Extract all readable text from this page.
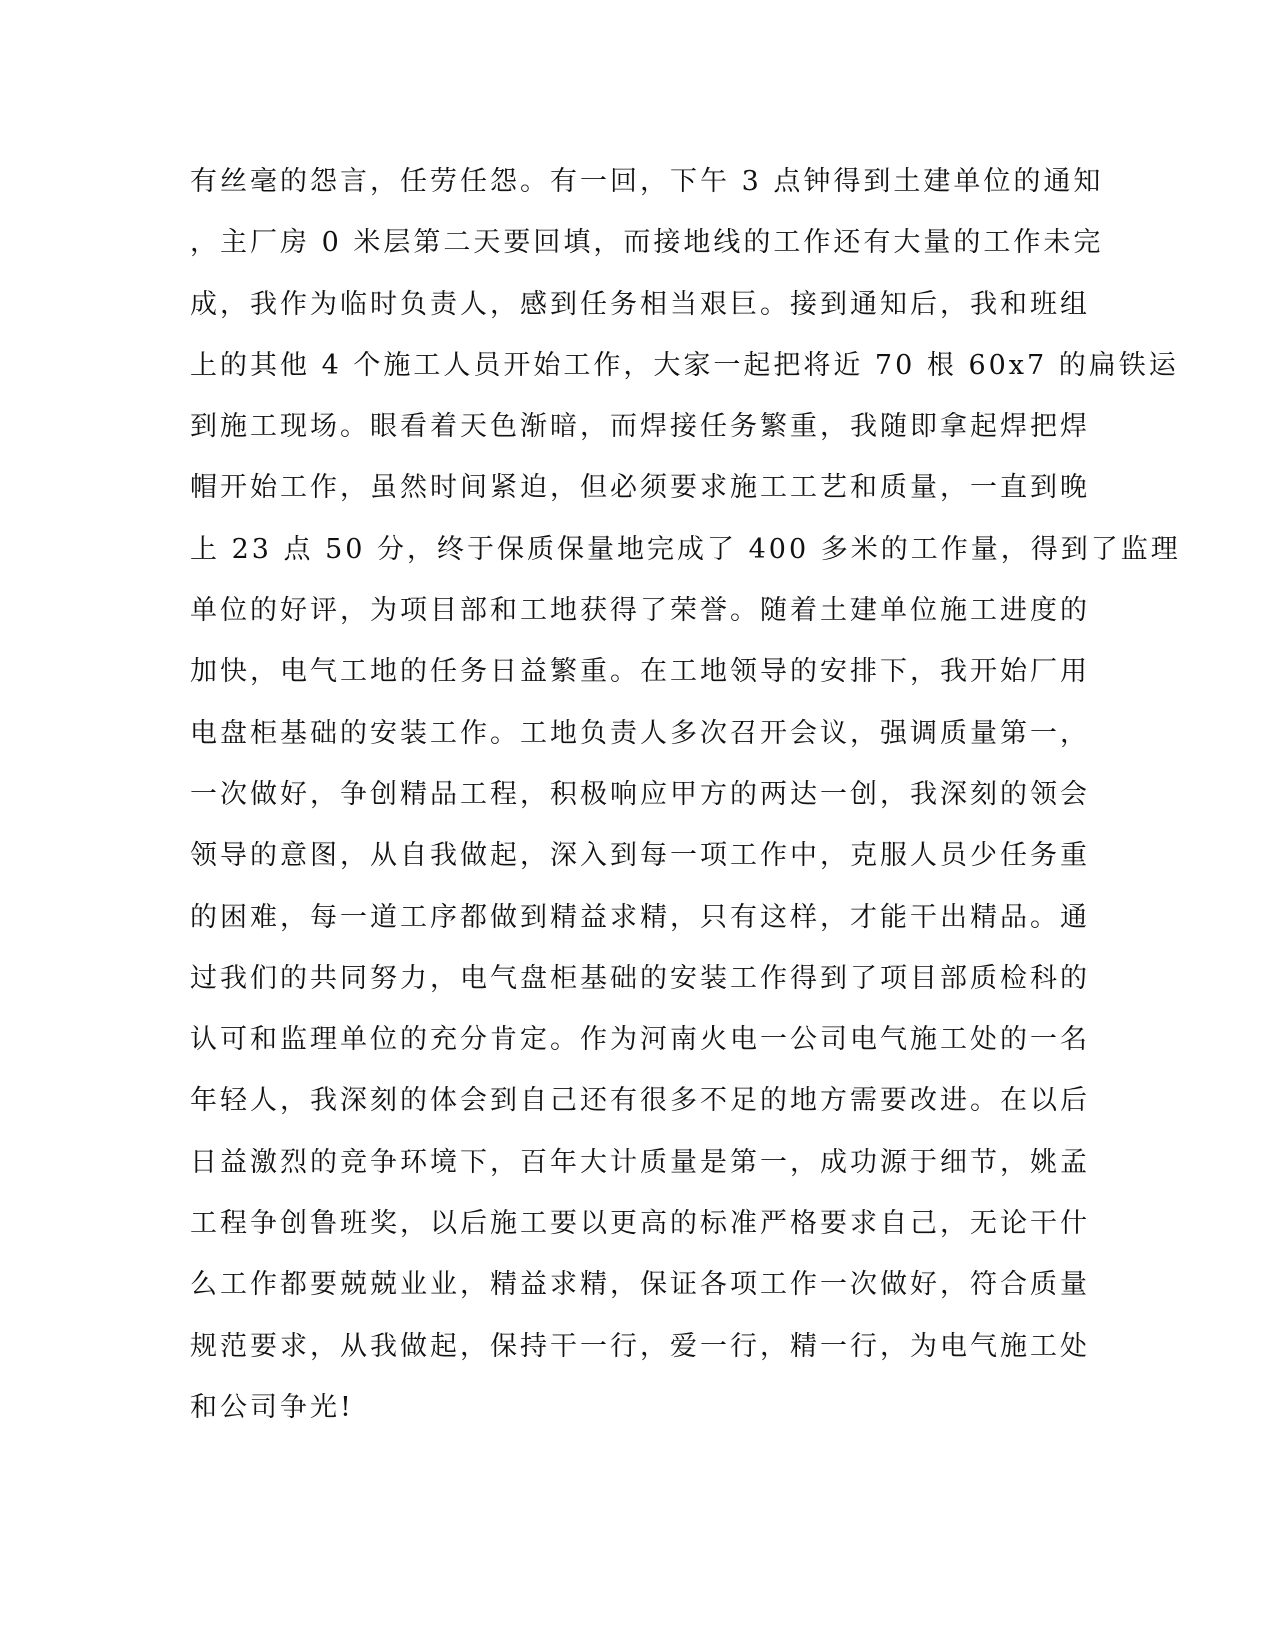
有丝毫的怨言，任劳任怨。有一回，下午 3 点钟得到土建单位的通知
，主厂房 0 米层第二天要回填，而接地线的工作还有大量的工作未完
成，我作为临时负责人，感到任务相当艰巨。接到通知后，我和班组
上的其他 4 个施工人员开始工作，大家一起把将近 70 根 60x7 的扁铁运
到施工现场。眼看着天色渐暗，而焊接任务繁重，我随即拿起焊把焊
帽开始工作，虽然时间紧迫，但必须要求施工工艺和质量，一直到晚
上 23 点 50 分，终于保质保量地完成了 400 多米的工作量，得到了监理
单位的好评，为项目部和工地获得了荣誉。随着土建单位施工进度的
加快，电气工地的任务日益繁重。在工地领导的安排下，我开始厂用
电盘柜基础的安装工作。工地负责人多次召开会议，强调质量第一，
一次做好，争创精品工程，积极响应甲方的两达一创，我深刻的领会
领导的意图，从自我做起，深入到每一项工作中，克服人员少任务重
的困难，每一道工序都做到精益求精，只有这样，才能干出精品。通
过我们的共同努力，电气盘柜基础的安装工作得到了项目部质检科的
认可和监理单位的充分肯定。作为河南火电一公司电气施工处的一名
年轻人，我深刻的体会到自己还有很多不足的地方需要改进。在以后
日益激烈的竞争环境下，百年大计质量是第一，成功源于细节，姚孟
工程争创鲁班奖，以后施工要以更高的标准严格要求自己，无论干什
么工作都要兢兢业业，精益求精，保证各项工作一次做好，符合质量
规范要求，从我做起，保持干一行，爱一行，精一行，为电气施工处
和公司争光!
